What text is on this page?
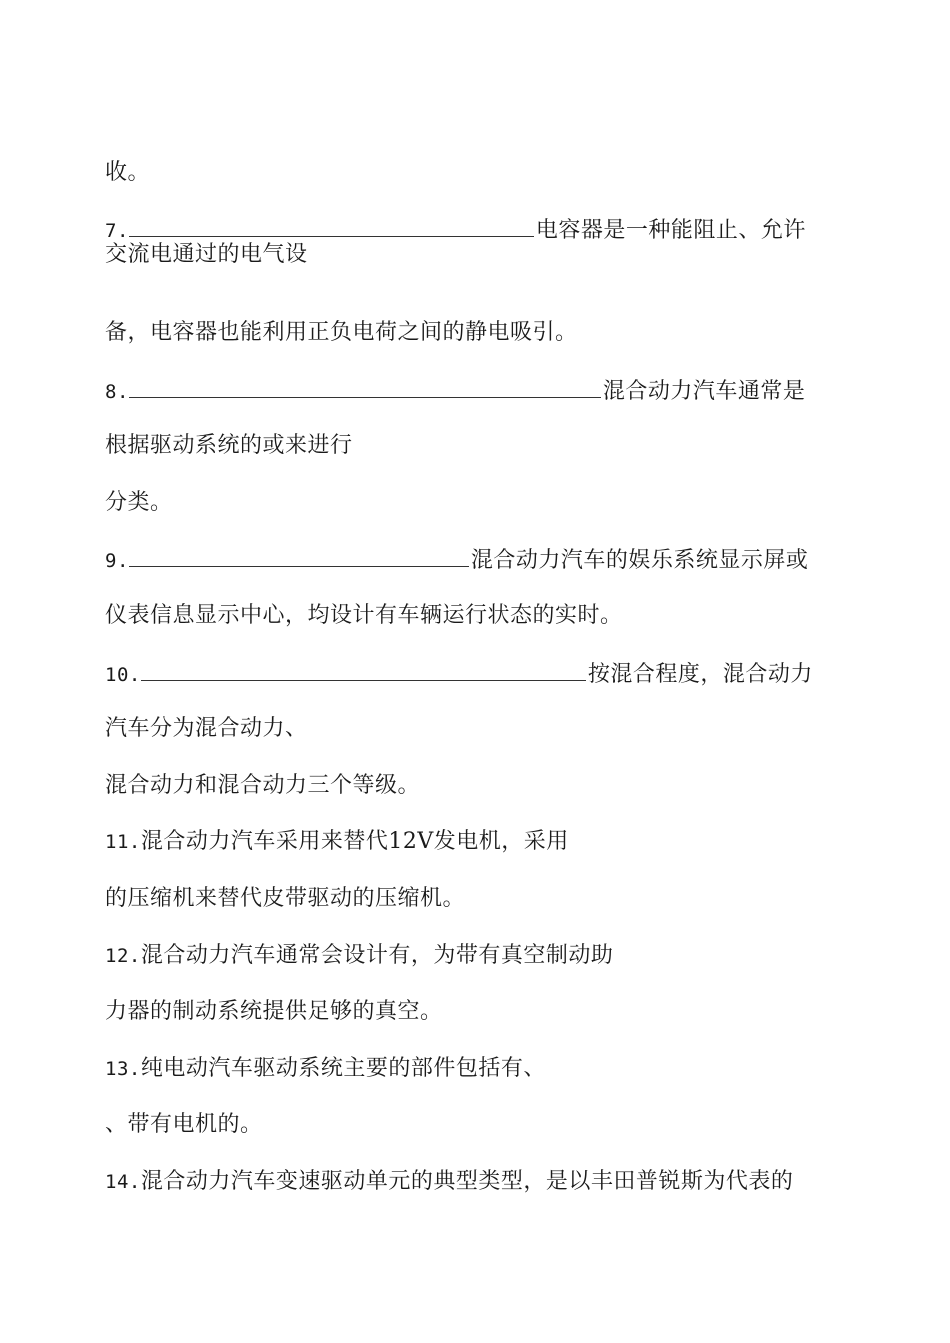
收。
7.	电容器是一种能阻止、允许
交流电通过的电气设
备，电容器也能利用正负电荷之间的静电吸引。
8.	混合动力汽车通常是
根据驱动系统的或来进行
分类。
9.	混合动力汽车的娱乐系统显示屏或
仪表信息显示中心，均设计有车辆运行状态的实时。
10.	按混合程度，混合动力
汽车分为混合动力、
混合动力和混合动力三个等级。
11.混合动力汽车采用来替代12V发电机，采用
的压缩机来替代皮带驱动的压缩机。
12.混合动力汽车通常会设计有，为带有真空制动助
力器的制动系统提供足够的真空。
13.纯电动汽车驱动系统主要的部件包括有、
、带有电机的。
14.混合动力汽车变速驱动单元的典型类型，是以丰田普锐斯为代表的
